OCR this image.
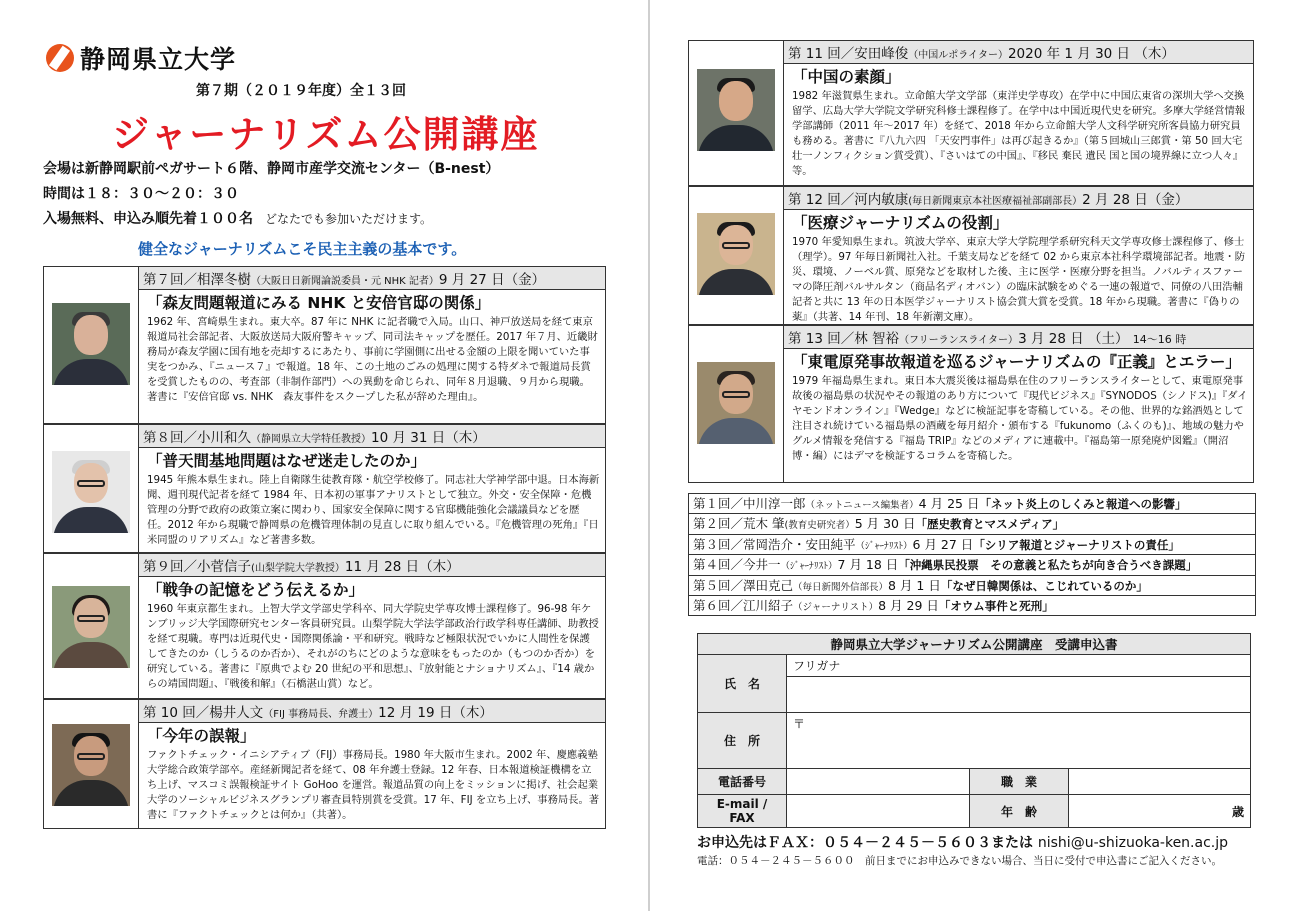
静岡県立大学
第７期（２０１９年度）全１３回
ジャーナリズム公開講座
会場は新静岡駅前ペガサート６階、静岡市産学交流センター（B-nest）
時間は１８：３０～２０：３０
入場無料、申込み順先着１００名 どなたでも参加いただけます。
健全なジャーナリズムこそ民主主義の基本です。
第７回／相澤冬樹（大阪日日新聞論説委員・元 NHK 記者）9 月 27 日（金）
「森友問題報道にみる NHK と安倍官邸の関係」
1962 年、宮崎県生まれ。東大卒。87 年に NHK に記者職で入局。山口、神戸放送局を経て東京報道局社会部記者、大阪放送局大阪府警キャップ、同司法キャップを歴任。2017 年７月、近畿財務局が森友学園に国有地を売却するにあたり、事前に学園側に出せる金額の上限を聞いていた事実をつかみ、『ニュース７』で報道。18 年、この土地のごみの処理に関する特ダネで報道局長賞を受賞したものの、考査部（非制作部門）への異動を命じられ、同年８月退職、９月から現職。著書に『安倍官邸 vs. NHK　森友事件をスクープした私が辞めた理由』。
第８回／小川和久（静岡県立大学特任教授）10 月 31 日（木）
「普天間基地問題はなぜ迷走したのか」
1945 年熊本県生まれ。陸上自衛隊生徒教育隊・航空学校修了。同志社大学神学部中退。日本海新聞、週刊現代記者を経て 1984 年、日本初の軍事アナリストとして独立。外交・安全保障・危機管理の分野で政府の政策立案に関わり、国家安全保障に関する官邸機能強化会議議員などを歴任。2012 年から現職で静岡県の危機管理体制の見直しに取り組んでいる。『危機管理の死角』『日米同盟のリアリズム』など著書多数。
第９回／小菅信子(山梨学院大学教授）11 月 28 日（木）
「戦争の記憶をどう伝えるか」
1960 年東京都生まれ。上智大学文学部史学科卒、同大学院史学専攻博士課程修了。96-98 年ケンブリッジ大学国際研究センター客員研究員。山梨学院大学法学部政治行政学科専任講師、助教授を経て現職。専門は近現代史・国際関係論・平和研究。戦時など極限状況でいかに人間性を保護してきたのか（しうるのか否か）、それがのちにどのような意味をもったのか（もつのか否か）を研究している。著書に『原典でよむ 20 世紀の平和思想』、『放射能とナショナリズム』、『14 歳からの靖国問題』、『戦後和解』（石橋湛山賞）など。
第 10 回／楊井人文（FIJ 事務局長、弁護士）12 月 19 日（木）
「今年の誤報」
ファクトチェック・イニシアティブ（FIJ）事務局長。1980 年大阪市生まれ。2002 年、慶應義塾大学総合政策学部卒。産経新聞記者を経て、08 年弁護士登録。12 年春、日本報道検証機構を立ち上げ、マスコミ誤報検証サイト GoHoo を運営。報道品質の向上をミッションに掲げ、社会起業大学のソーシャルビジネスグランプリ審査員特別賞を受賞。17 年、FIJ を立ち上げ、事務局長。著書に『ファクトチェックとは何か』（共著）。
第 11 回／安田峰俊（中国ルポライター）2020 年 1 月 30 日 （木）
「中国の素顔」
1982 年滋賀県生まれ。立命館大学文学部（東洋史学専攻）在学中に中国広東省の深圳大学へ交換留学、広島大学大学院文学研究科修士課程修了。在学中は中国近現代史を研究。多摩大学経営情報学部講師（2011 年～2017 年）を経て、2018 年から立命館大学人文科学研究所客員協力研究員も務める。著書に『八九六四 「天安門事件」は再び起きるか』（第５回城山三郎賞・第 50 回大宅壮一ノンフィクション賞受賞）、『さいはての中国』、『移民 棄民 遺民 国と国の境界線に立つ人々』等。
第 12 回／河内敏康(毎日新聞東京本社医療福祉部副部長）2 月 28 日（金）
「医療ジャーナリズムの役割」
1970 年愛知県生まれ。筑波大学卒、東京大学大学院理学系研究科天文学専攻修士課程修了、修士（理学）。97 年毎日新聞社入社。千葉支局などを経て 02 から東京本社科学環境部記者。地震・防災、環境、ノーベル賞、原発などを取材した後、主に医学・医療分野を担当。ノバルティスファーマの降圧剤バルサルタン（商品名ディオバン）の臨床試験をめぐる一連の報道で、同僚の八田浩輔記者と共に 13 年の日本医学ジャーナリスト協会賞大賞を受賞。18 年から現職。著書に『偽りの薬』（共著、14 年刊、18 年新潮文庫）。
第 13 回／林 智裕（フリーランスライター）3 月 28 日 （土） 14～16 時
「東電原発事故報道を巡るジャーナリズムの『正義』とエラー」
1979 年福島県生まれ。東日本大震災後は福島県在住のフリーランスライターとして、東電原発事故後の福島県の状況やその報道のあり方について『現代ビジネス』『SYNODOS（シノドス)』『ダイヤモンドオンライン』『Wedge』などに検証記事を寄稿している。その他、世界的な銘酒処として注目され続けている福島県の酒蔵を毎月紹介・頒布する『fukunomo（ふくのも)』、地域の魅力やグルメ情報を発信する『福島 TRIP』などのメディアに連載中。『福島第一原発廃炉図鑑』（開沼博・編）にはデマを検証するコラムを寄稿した。
第１回／中川淳一郎（ネットニュース編集者）4 月 25 日「ネット炎上のしくみと報道への影響」
第２回／荒木 肇(教育史研究者）5 月 30 日「歴史教育とマスメディア」
第３回／常岡浩介・安田純平（ｼﾞｬｰﾅﾘｽﾄ）6 月 27 日「シリア報道とジャーナリストの責任」
第４回／今井一（ｼﾞｬｰﾅﾘｽﾄ）7 月 18 日「沖縄県民投票　その意義と私たちが向き合うべき課題」
第５回／澤田克己（毎日新聞外信部長）8 月 1 日「なぜ日韓関係は、こじれているのか」
第６回／江川紹子（ジャーナリスト）8 月 29 日「オウム事件と死刑」
静岡県立大学ジャーナリズム公開講座　受講申込書
氏　名	フリガナ		

住　所	〒		
電話番号		職　業	
E-mail / FAX		年　齢	歳
お申込先はＦＡＸ：０５４－２４５－５６０３または nishi@u-shizuoka-ken.ac.jp
電話：０５４－２４５－５６００　前日までにお申込みできない場合、当日に受付で申込書にご記入ください。
